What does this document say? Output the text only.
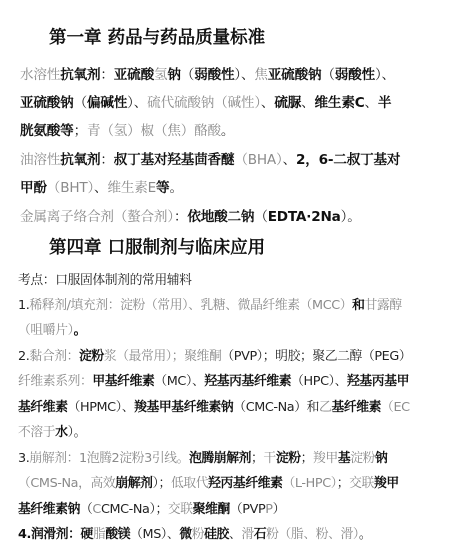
第一章 药品与药品质量标准
水溶性抗氧剂：亚硫酸氢钠（弱酸性）、焦亚硫酸钠（弱酸性）、
亚硫酸钠（偏碱性）、硫代硫酸钠（碱性）、硫脲、维生素C、半
胱氨酸等；青（氢）椒（焦）酪酸。
油溶性抗氧剂：叔丁基对羟基茴香醚（BHA）、2，6-二叔丁基对
甲酚（BHT）、维生素E等。
金属离子络合剂（螯合剂）：依地酸二钠（EDTA·2Na）。
第四章 口服制剂与临床应用
考点：口服固体制剂的常用辅料
1.稀释剂/填充剂：淀粉（常用）、乳糖、微晶纤维素（MCC）和甘露醇
（咀嚼片）。
2.黏合剂：淀粉浆（最常用）；聚维酮（PVP）；明胶；聚乙二醇（PEG）
纤维素系列：甲基纤维素（MC）、羟基丙基纤维素（HPC）、羟基丙基甲
基纤维素（HPMC）、羧基甲基纤维素钠（CMC-Na）和乙基纤维素（EC
不溶于水）。
3.崩解剂：1泡腾2淀粉3引线。泡腾崩解剂；干淀粉；羧甲基淀粉钠
（CMS-Na，高效崩解剂）；低取代羟丙基纤维素（L-HPC）；交联羧甲
基纤维素钠（CCMC-Na）；交联聚维酮（PVPP）
4.润滑剂：硬脂酸镁（MS）、微粉硅胶、滑石粉（脂、粉、滑）。
